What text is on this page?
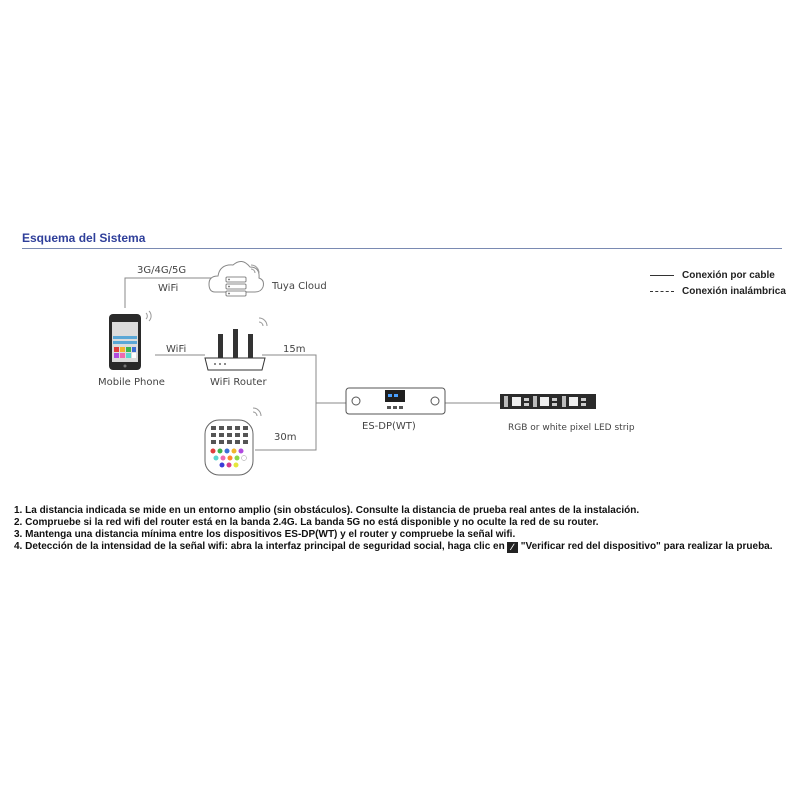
Esquema del Sistema
Conexión por cable
Conexión inalámbrica
3G/4G/5G
WiFi	Tuya Cloud
WiFi
Mobile Phone	WiFi Router
15m
30m
ES-DP(WT)	RGB or white pixel LED strip
1. La distancia indicada se mide en un entorno amplio (sin obstáculos). Consulte la distancia de prueba real antes de la instalación.
2. Compruebe si la red wifi del router está en la banda 2.4G. La banda 5G no está disponible y no oculte la red de su router.
3. Mantenga una distancia mínima entre los dispositivos ES-DP(WT) y el router y compruebe la señal wifi.
4. Detección de la intensidad de la señal wifi: abra la interfaz principal de seguridad social, haga clic en ∕ "Verificar red del dispositivo" para realizar la prueba.
